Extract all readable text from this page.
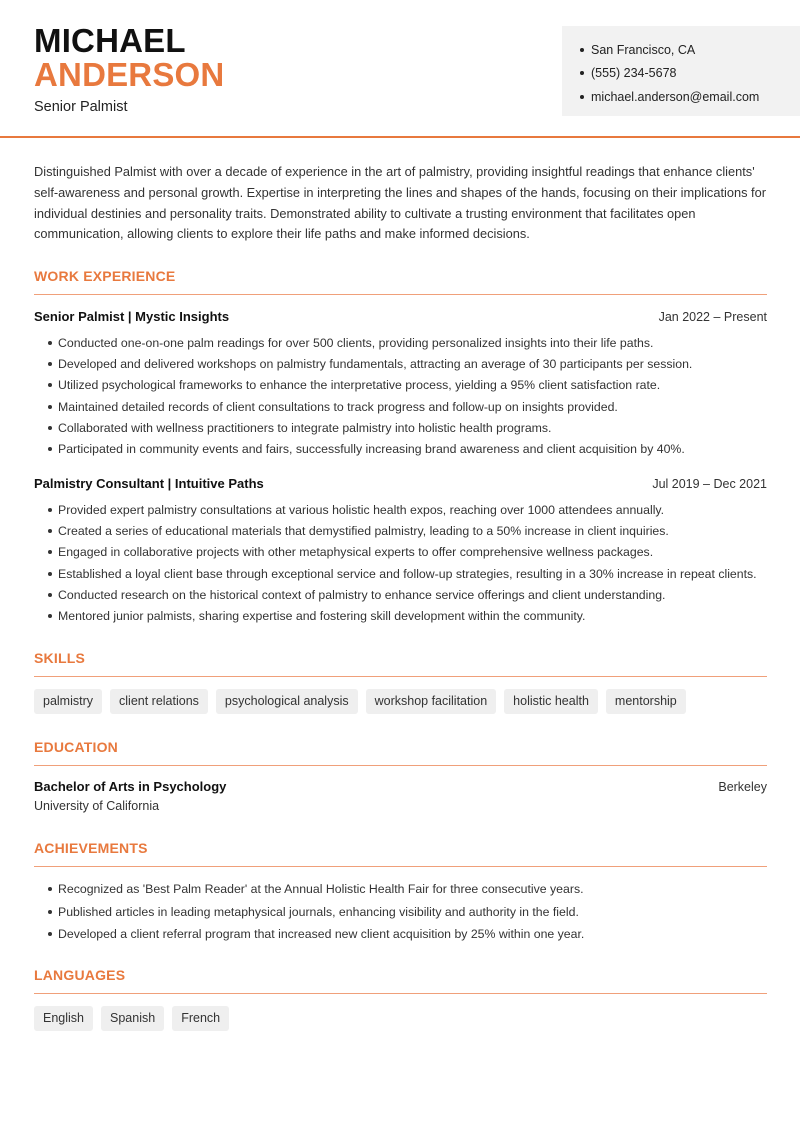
MICHAEL
ANDERSON
Senior Palmist
San Francisco, CA
(555) 234-5678
michael.anderson@email.com

Distinguished Palmist with over a decade of experience in the art of palmistry, providing insightful readings that enhance clients' self-awareness and personal growth. Expertise in interpreting the lines and shapes of the hands, focusing on their implications for individual destinies and personality traits. Demonstrated ability to cultivate a trusting environment that facilitates open communication, allowing clients to explore their life paths and make informed decisions.

WORK EXPERIENCE
Senior Palmist | Mystic Insights	Jan 2022 – Present
Conducted one-on-one palm readings for over 500 clients, providing personalized insights into their life paths.
Developed and delivered workshops on palmistry fundamentals, attracting an average of 30 participants per session.
Utilized psychological frameworks to enhance the interpretative process, yielding a 95% client satisfaction rate.
Maintained detailed records of client consultations to track progress and follow-up on insights provided.
Collaborated with wellness practitioners to integrate palmistry into holistic health programs.
Participated in community events and fairs, successfully increasing brand awareness and client acquisition by 40%.
Palmistry Consultant | Intuitive Paths	Jul 2019 – Dec 2021
Provided expert palmistry consultations at various holistic health expos, reaching over 1000 attendees annually.
Created a series of educational materials that demystified palmistry, leading to a 50% increase in client inquiries.
Engaged in collaborative projects with other metaphysical experts to offer comprehensive wellness packages.
Established a loyal client base through exceptional service and follow-up strategies, resulting in a 30% increase in repeat clients.
Conducted research on the historical context of palmistry to enhance service offerings and client understanding.
Mentored junior palmists, sharing expertise and fostering skill development within the community.
SKILLS
palmistry	client relations	psychological analysis	workshop facilitation	holistic health	mentorship
EDUCATION
Bachelor of Arts in Psychology	Berkeley
University of California
ACHIEVEMENTS
Recognized as 'Best Palm Reader' at the Annual Holistic Health Fair for three consecutive years.
Published articles in leading metaphysical journals, enhancing visibility and authority in the field.
Developed a client referral program that increased new client acquisition by 25% within one year.
LANGUAGES
English	Spanish	French
